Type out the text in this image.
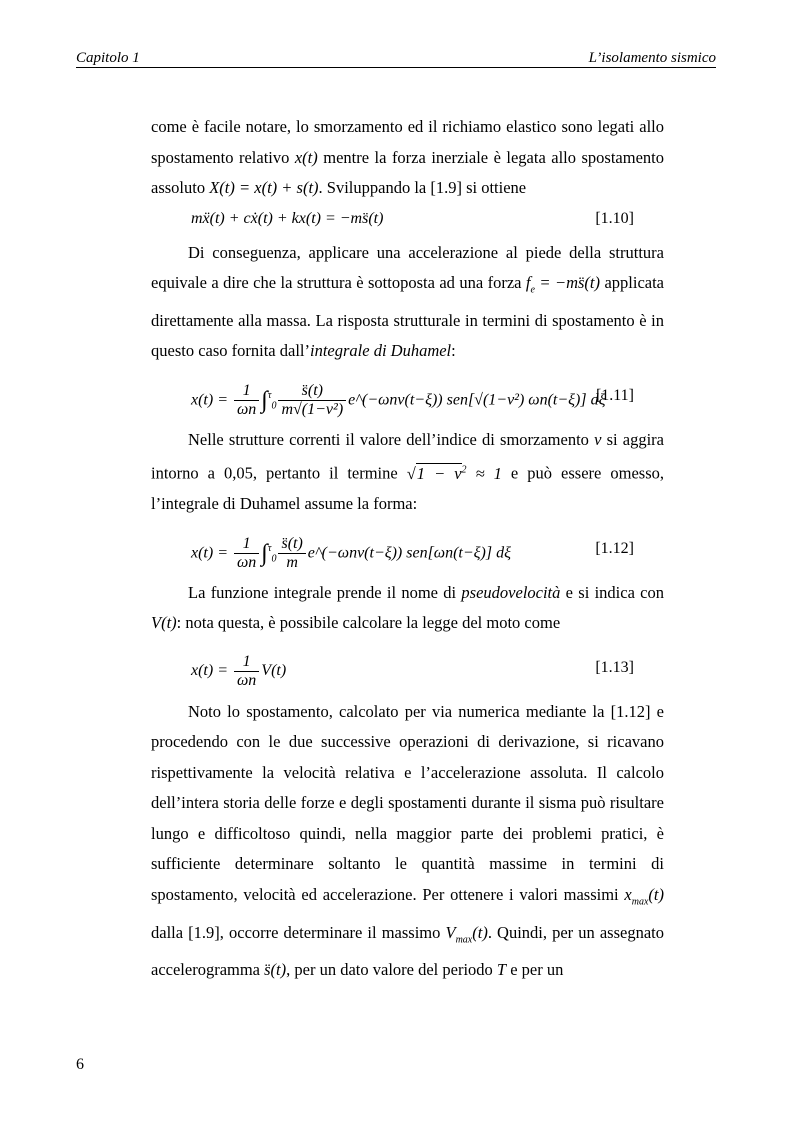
Capitolo 1	L’isolamento sismico

come è facile notare, lo smorzamento ed il richiamo elastico sono legati allo spostamento relativo x(t) mentre la forza inerziale è legata allo spostamento assoluto X(t) = x(t) + s(t). Sviluppando la [1.9] si ottiene

mẍ(t) + cẋ(t) + kx(t) = −ms̈(t)	[1.10]

Di conseguenza, applicare una accelerazione al piede della struttura equivale a dire che la struttura è sottoposta ad una forza $f_e$ = −ms̈(t) applicata direttamente alla massa. La risposta strutturale in termini di spostamento è in questo caso fornita dall’integrale di Duhamel:

$x(t) = \frac{1}{\omega n} \int^\tau_0 \frac{s̈(t)}{\text{m√(1−ν²)}}$ e^(−ωnν(t−ξ)) sen[√(1−ν²) ωn(t−ξ)] dξ
[1.11]

Nelle strutture correnti il valore dell’indice di smorzamento ν si aggira intorno a 0,05, pertanto il termine $√1 - \nu^2 \approx 1$ e può essere omesso, l’integrale di Duhamel assume la forma:

$x(t) = \frac{1}{\omega n} \int^\tau_0 \frac{s̈(t)}{m}$ e^(−ωnν(t−ξ)) sen[ωn(t−ξ)] dξ	[1.12]

La funzione integrale prende il nome di pseudovelocità e si indica con V(t): nota questa, è possibile calcolare la legge del moto come

$x(t) = \frac{1}{\omega n} V(t)$	[1.13]

Noto lo spostamento, calcolato per via numerica mediante la [1.12] e procedendo con le due successive operazioni di derivazione, si ricavano rispettivamente la velocità relativa e l’accelerazione assoluta. Il calcolo dell’intera storia delle forze e degli spostamenti durante il sisma può risultare lungo e difficoltoso quindi, nella maggior parte dei problemi pratici, è sufficiente determinare soltanto le quantità massime in termini di spostamento, velocità ed accelerazione. Per ottenere i valori massimi $x_{max}(t)$ dalla [1.9], occorre determinare il massimo $V_{max}(t)$. Quindi, per un assegnato accelerogramma s̈(t), per un dato valore del periodo T e per un

6
